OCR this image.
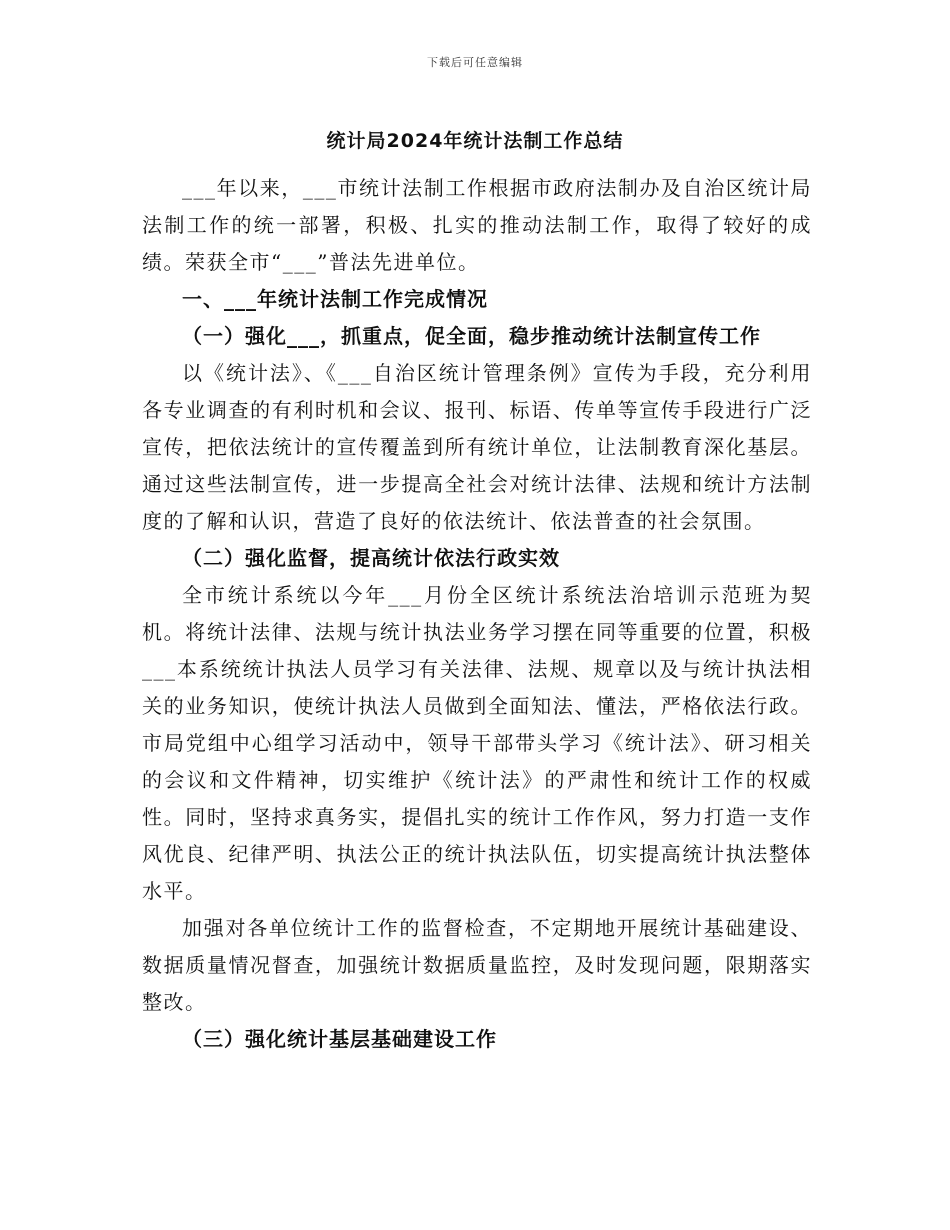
下载后可任意编辑
统计局2024年统计法制工作总结

___年以来，___市统计法制工作根据市政府法制办及自治区统计局法制工作的统一部署，积极、扎实的推动法制工作，取得了较好的成绩。荣获全市“___”普法先进单位。

一、___年统计法制工作完成情况

（一）强化___，抓重点，促全面，稳步推动统计法制宣传工作

以《统计法》、《___自治区统计管理条例》宣传为手段，充分利用各专业调查的有利时机和会议、报刊、标语、传单等宣传手段进行广泛宣传，把依法统计的宣传覆盖到所有统计单位，让法制教育深化基层。通过这些法制宣传，进一步提高全社会对统计法律、法规和统计方法制度的了解和认识，营造了良好的依法统计、依法普查的社会氛围。

（二）强化监督，提高统计依法行政实效

全市统计系统以今年___月份全区统计系统法治培训示范班为契机。将统计法律、法规与统计执法业务学习摆在同等重要的位置，积极___本系统统计执法人员学习有关法律、法规、规章以及与统计执法相关的业务知识，使统计执法人员做到全面知法、懂法，严格依法行政。市局党组中心组学习活动中，领导干部带头学习《统计法》、研习相关的会议和文件精神，切实维护《统计法》的严肃性和统计工作的权威性。同时，坚持求真务实，提倡扎实的统计工作作风，努力打造一支作风优良、纪律严明、执法公正的统计执法队伍，切实提高统计执法整体水平。

加强对各单位统计工作的监督检查，不定期地开展统计基础建设、数据质量情况督查，加强统计数据质量监控，及时发现问题，限期落实整改。

（三）强化统计基层基础建设工作
